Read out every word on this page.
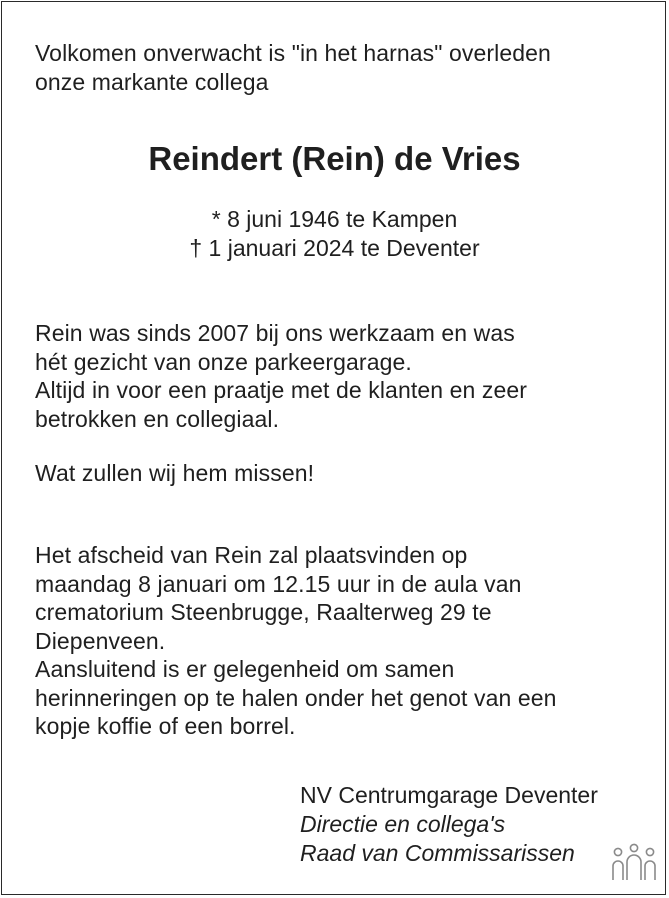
Volkomen onverwacht is "in het harnas" overleden
onze markante collega
Reindert (Rein) de Vries
* 8 juni 1946 te Kampen
† 1 januari 2024 te Deventer
Rein was sinds 2007 bij ons werkzaam en was
hét gezicht van onze parkeergarage.
Altijd in voor een praatje met de klanten en zeer
betrokken en collegiaal.
Wat zullen wij hem missen!
Het afscheid van Rein zal plaatsvinden op
maandag 8 januari om 12.15 uur in de aula van
crematorium Steenbrugge, Raalterweg 29 te
Diepenveen.
Aansluitend is er gelegenheid om samen
herinneringen op te halen onder het genot van een
kopje koffie of een borrel.
NV Centrumgarage Deventer
Directie en collega's
Raad van Commissarissen
